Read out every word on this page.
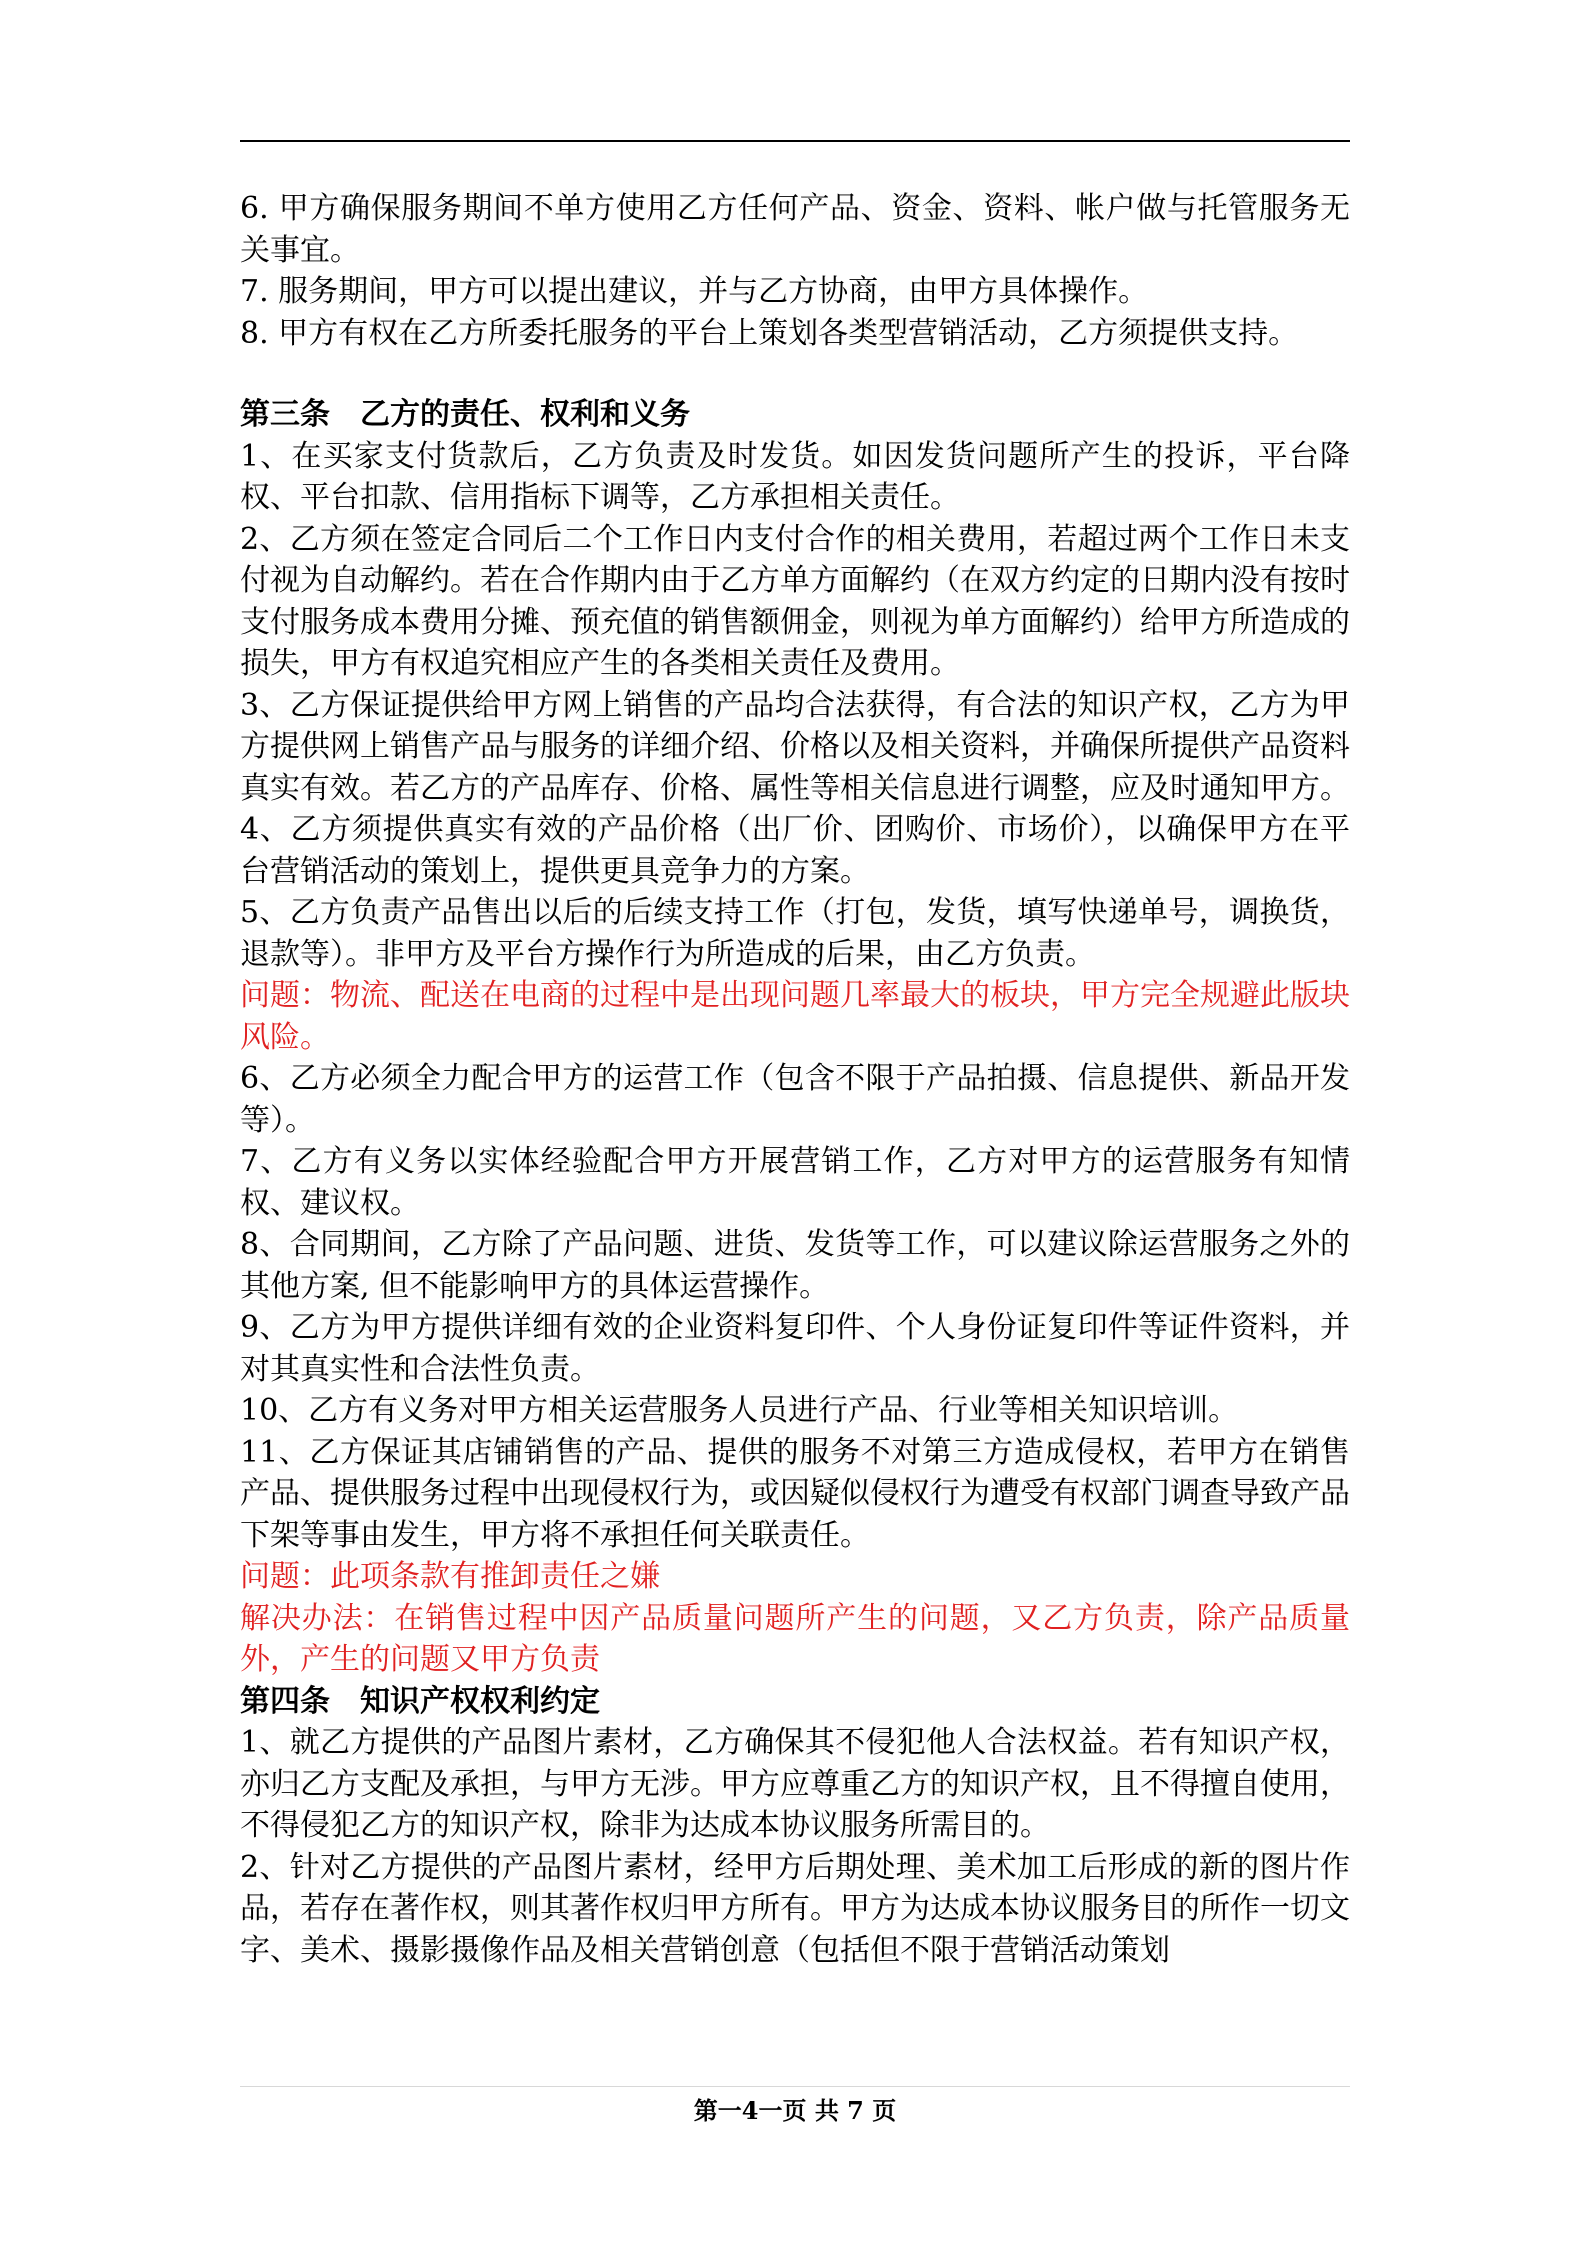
6. 甲方确保服务期间不单方使用乙方任何产品、资金、资料、帐户做与托管服务无关事宜。

7. 服务期间，甲方可以提出建议，并与乙方协商，由甲方具体操作。

8. 甲方有权在乙方所委托服务的平台上策划各类型营销活动，乙方须提供支持。

第三条　乙方的责任、权利和义务

1、在买家支付货款后，乙方负责及时发货。如因发货问题所产生的投诉，平台降权、平台扣款、信用指标下调等，乙方承担相关责任。

2、乙方须在签定合同后二个工作日内支付合作的相关费用，若超过两个工作日未支付视为自动解约。若在合作期内由于乙方单方面解约（在双方约定的日期内没有按时支付服务成本费用分摊、预充值的销售额佣金，则视为单方面解约）给甲方所造成的损失，甲方有权追究相应产生的各类相关责任及费用。

3、乙方保证提供给甲方网上销售的产品均合法获得，有合法的知识产权，乙方为甲方提供网上销售产品与服务的详细介绍、价格以及相关资料，并确保所提供产品资料真实有效。若乙方的产品库存、价格、属性等相关信息进行调整，应及时通知甲方。

4、乙方须提供真实有效的产品价格（出厂价、团购价、市场价），以确保甲方在平台营销活动的策划上，提供更具竞争力的方案。

5、乙方负责产品售出以后的后续支持工作（打包，发货，填写快递单号，调换货，退款等）。非甲方及平台方操作行为所造成的后果，由乙方负责。

问题：物流、配送在电商的过程中是出现问题几率最大的板块，甲方完全规避此版块风险。

6、乙方必须全力配合甲方的运营工作（包含不限于产品拍摄、信息提供、新品开发等）。

7、乙方有义务以实体经验配合甲方开展营销工作，乙方对甲方的运营服务有知情权、建议权。

8、合同期间，乙方除了产品问题、进货、发货等工作，可以建议除运营服务之外的其他方案, 但不能影响甲方的具体运营操作。

9、乙方为甲方提供详细有效的企业资料复印件、个人身份证复印件等证件资料，并对其真实性和合法性负责。

10、乙方有义务对甲方相关运营服务人员进行产品、行业等相关知识培训。

11、乙方保证其店铺销售的产品、提供的服务不对第三方造成侵权，若甲方在销售产品、提供服务过程中出现侵权行为，或因疑似侵权行为遭受有权部门调查导致产品下架等事由发生，甲方将不承担任何关联责任。

问题：此项条款有推卸责任之嫌

解决办法：在销售过程中因产品质量问题所产生的问题，又乙方负责，除产品质量外，产生的问题又甲方负责

第四条　知识产权权利约定

1、就乙方提供的产品图片素材，乙方确保其不侵犯他人合法权益。若有知识产权，亦归乙方支配及承担，与甲方无涉。甲方应尊重乙方的知识产权，且不得擅自使用，不得侵犯乙方的知识产权，除非为达成本协议服务所需目的。

2、针对乙方提供的产品图片素材，经甲方后期处理、美术加工后形成的新的图片作品，若存在著作权，则其著作权归甲方所有。甲方为达成本协议服务目的所作一切文字、美术、摄影摄像作品及相关营销创意（包括但不限于营销活动策划

第一4一页 共 7 页
